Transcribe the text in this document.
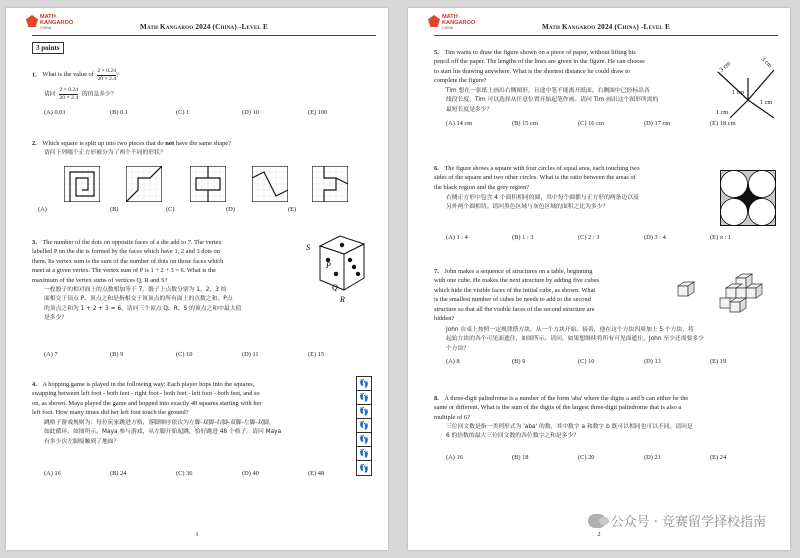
MATH
KANGAROO
CHINA	Math Kangaroo 2024 (China) -Level E
3 points
1. What is the value of $\frac{2 \times 0.24}{20 \times 2.4}$ ?
请问 $\frac{2 \times 0.24}{20 \times 2.4}$ 的值是多少？
(A) 0.01	(B) 0.1	(C) 1	(D) 10	(E) 100
2. Which square is split up into two pieces that do not have the same shape?
请问下列哪个正方形被分为了两个不同的形状？
(A)	(B)	(C)	(D)	(E)
3. The number of the dots on opposite faces of a die add to 7. The vertex
labelled P on the die is formed by the faces which have 1, 2 and 3 dots on
them. Its vertex sum is the sum of the number of dots on those faces which
meet at a given vertex. The vertex sum of P is 1 + 2 + 3 = 6. What is the
maximum of the vertex sums of vertices Q, R and S?
一枚骰子的相对面上的点数相加等于 7。骰子上点数分别为 1、2、3 的
面相交于顶点 P。顶点之和是指相交于该顶点的所有面上的点数之和。P点
的顶点之和为 1 + 2 + 3 = 6。请问三个顶点 Q、R、S 的顶点之和中最大值
是多少？
S
P
Q
R
(A) 7	(B) 9	(C) 10	(D) 11	(E) 15
4. A hopping game is played in the following way: Each player hops into the squares,
swapping between left foot - both feet - right foot - both feet - left foot - both feet, and so
on, as shown. Maya played the game and hopped into exactly 48 squares starting with her
left foot. How many times did her left foot touch the ground?
跳格子游戏规则为：每位玩家跳进方格，落脚顺序依次为左脚-双脚-右脚-双脚-左脚-双脚，
如此循环，如图所示。Maya 参与游戏，从左脚开始起跳，恰好跳进 48 个格子。请问 Maya
有多少次左脚接触到了地面？
👣
👣
👣
👣
👣
👣
👣
(A) 16	(B) 24	(C) 36	(D) 40	(E) 48
1
MATH
KANGAROO
CHINA	Math Kangaroo 2024 (China) -Level E
5. Tim wants to draw the figure shown on a piece of paper, without lifting his
pencil off the paper. The lengths of the lines are given in the figure. He can choose
to start his drawing anywhere. What is the shortest distance he could draw to
complete the figure?
Tim 想在一张纸上画出右侧图形，且途中笔不能离开纸面。右侧图中已经标出各
线段长度，Tim 可以选择从任意位置开始起笔作画。请问 Tim 画出这个图形所需的
最短长度是多少？
3 cm	3 cm
1 cm
1 cm
1 cm
(A) 14 cm	(B) 15 cm	(C) 16 cm	(D) 17 cm	(E) 18 cm
6. The figure shows a square with four circles of equal area, each touching two
sides of the square and two other circles. What is the ratio between the areas of
the black region and the grey region?
右侧正方形中包含 4 个面积相同的圆，其中每个圆都与正方形的两条边以及
另外两个圆相切。请问黑色区域与灰色区域的面积之比为多少？
(A) 1 : 4	(B) 1 : 3	(C) 2 : 3	(D) 3 : 4	(E) π : 1
7. John makes a sequence of structures on a table, beginning
with one cube. He makes the next structure by adding five cubes
which hide the visible faces of the initial cube, as shown. What
is the smallest number of cubes he needs to add to the second
structure so that all the visible faces of the second structure are
hidden?
John 在桌上按照一定规律搭方块，从一个方块开始。接着，他在这个方块四周加上 5 个方块，将
起始方块的各个可见面遮住，如图所示。请问，如果想继续将所有可见面遮住，John 至少还需要多少
个方块？
(A) 8	(B) 9	(C) 10	(D) 13	(E) 19
8. A three-digit palindrome is a number of the form 'aba' where the digits a and b can either be the
same or different. What is the sum of the digits of the largest three-digit palindrome that is also a
multiple of 6?
三位回文数是指一类列形式为 'aba' 的数，其中数字 a 和数字 b 既可以相同也可以不同。请问是
6 的倍数的最大三位回文数的各位数字之和是多少？
(A) 16	(B) 18	(C) 20	(D) 21	(E) 24
公众号 · 竞赛留学择校指南
2
